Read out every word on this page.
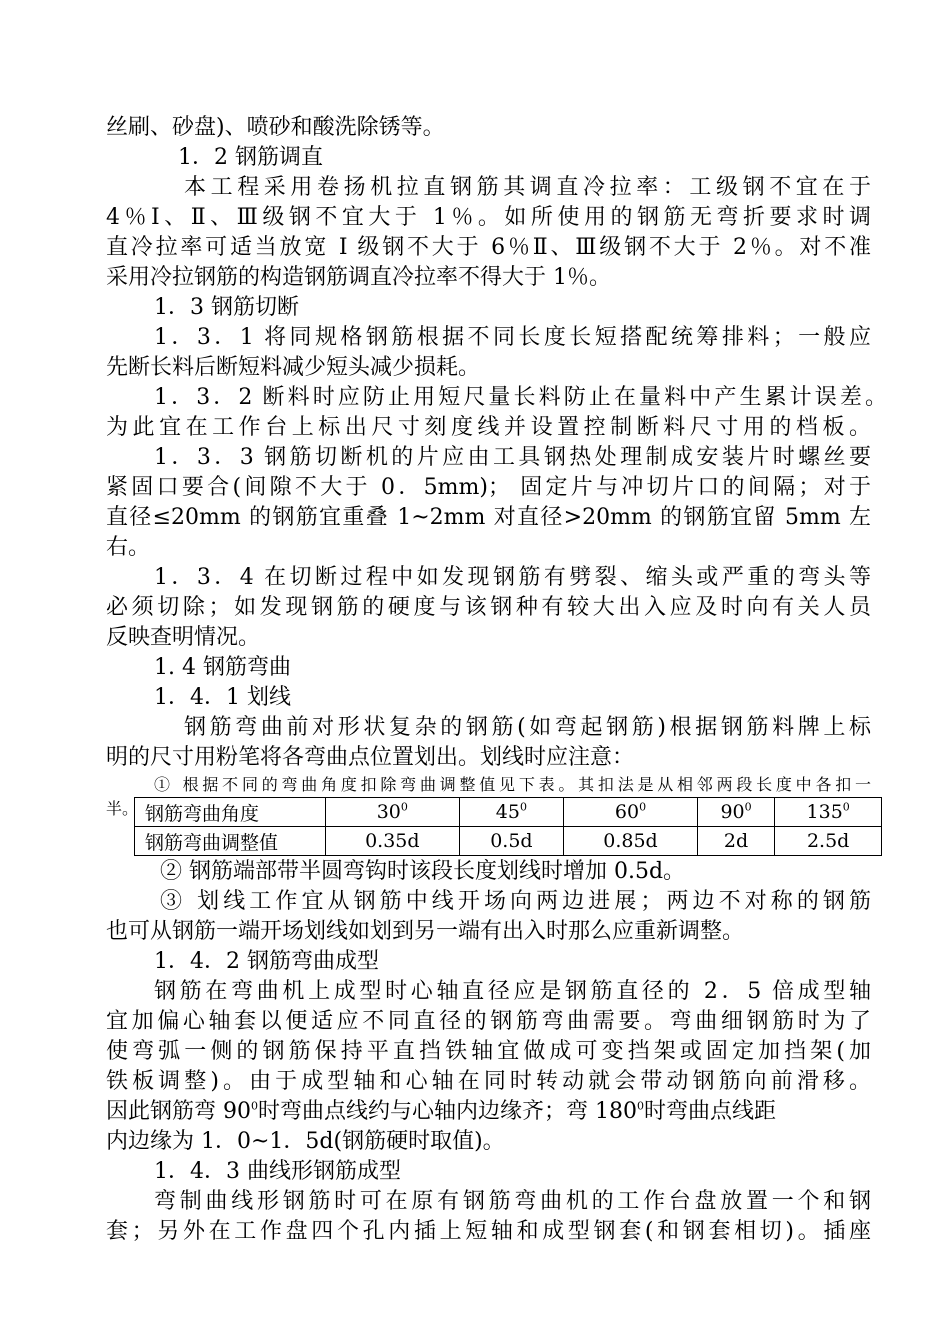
丝刷、砂盘)、喷砂和酸洗除锈等。
1．2 钢筋调直
本工程采用卷扬机拉直钢筋其调直冷拉率：工级钢不宜在于
4％Ⅰ、Ⅱ、Ⅲ级钢不宜大于 1％。如所使用的钢筋无弯折要求时调
直冷拉率可适当放宽 I 级钢不大于 6％Ⅱ、Ⅲ级钢不大于 2％。对不准
采用冷拉钢筋的构造钢筋调直冷拉率不得大于 1％。
1．3 钢筋切断
1．3．1 将同规格钢筋根据不同长度长短搭配统筹排料；一般应
先断长料后断短料减少短头减少损耗。
1．3．2 断料时应防止用短尺量长料防止在量料中产生累计误差。
为此宜在工作台上标出尺寸刻度线并设置控制断料尺寸用的档板。
1．3．3 钢筋切断机的片应由工具钢热处理制成安装片时螺丝要
紧固口要合(间隙不大于 0．5mm)； 固定片与冲切片口的间隔；对于
直径≤20mm 的钢筋宜重叠 1~2mm 对直径>20mm 的钢筋宜留 5mm 左
右。
1．3．4 在切断过程中如发现钢筋有劈裂、缩头或严重的弯头等
必须切除；如发现钢筋的硬度与该钢种有较大出入应及时向有关人员
反映查明情况。
1. 4 钢筋弯曲
1．4．1 划线
钢筋弯曲前对形状复杂的钢筋(如弯起钢筋)根据钢筋料牌上标
明的尺寸用粉笔将各弯曲点位置划出。划线时应注意：
① 根据不同的弯曲角度扣除弯曲调整值见下表。其扣法是从相邻两段长度中各扣一
半。 钢筋弯曲角度	$30^0$	$45^0$	$60^0$	$90^0$	$135^0$
钢筋弯曲调整值	0.35d	0.5d	0.85d	2d	2.5d
② 钢筋端部带半圆弯钩时该段长度划线时增加 0.5d。
③ 划线工作宜从钢筋中线开场向两边进展；两边不对称的钢筋
也可从钢筋一端开场划线如划到另一端有出入时那么应重新调整。
1．4．2 钢筋弯曲成型
钢筋在弯曲机上成型时心轴直径应是钢筋直径的 2．5 倍成型轴
宜加偏心轴套以便适应不同直径的钢筋弯曲需要。弯曲细钢筋时为了
使弯弧一侧的钢筋保持平直挡铁轴宜做成可变挡架或固定加挡架(加
铁板调整)。由于成型轴和心轴在同时转动就会带动钢筋向前滑移。
因此钢筋弯 $90^0$时弯曲点线约与心轴内边缘齐；弯 $180^0$时弯曲点线距
内边缘为 1．0~1．5d(钢筋硬时取值)。
1．4．3 曲线形钢筋成型
弯制曲线形钢筋时可在原有钢筋弯曲机的工作台盘放置一个和钢
套；另外在工作盘四个孔内插上短轴和成型钢套(和钢套相切)。插座
